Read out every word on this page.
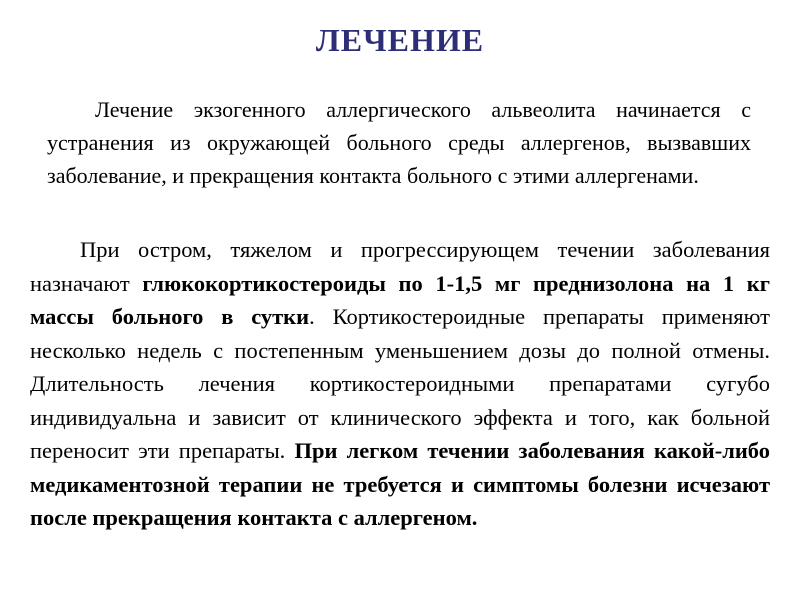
ЛЕЧЕНИЕ
Лечение экзогенного аллергического альвеолита начинается с устранения из окружающей больного среды аллергенов, вызвавших заболевание, и прекращения контакта больного с этими аллергенами.
При остром, тяжелом и прогрессирующем течении заболевания назначают глюкокортикостероиды по 1-1,5 мг преднизолона на 1 кг массы больного в сутки. Кортикостероидные препараты применяют несколько недель с постепенным уменьшением дозы до полной отмены. Длительность лечения кортикостероидными препаратами сугубо индивидуальна и зависит от клинического эффекта и того, как больной переносит эти препараты. При легком течении заболевания какой-либо медикаментозной терапии не требуется и симптомы болезни исчезают после прекращения контакта с аллергеном.
